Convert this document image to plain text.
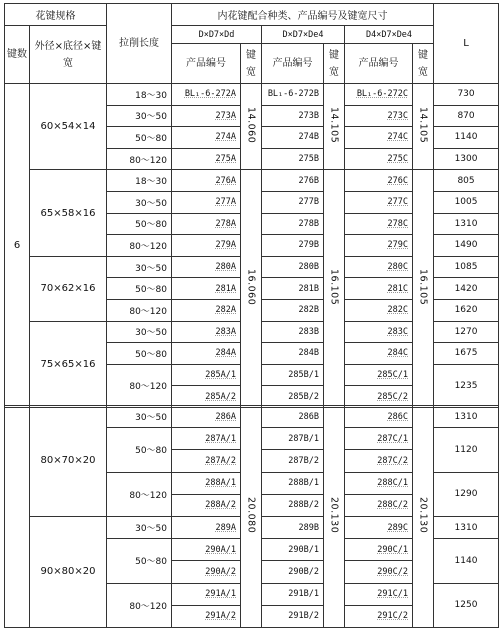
花键规格		拉削长度	内花键配合种类、产品编号及键宽尺寸						L
键数	外径×底径×键宽		D×D7×Dd		D×D7×De4		D4×D7×De4		
			产品编号	键宽	产品编号	键宽	产品编号	键宽	
6	60×54×14	18～30	BL₁-6-272A	14.060	BL₁-6-272B	14.105	BL₁-6-272C	14.105	730
		30～50	273A		273B		273C		870
		50～80	274A		274B		274C		1140
		80～120	275A		275B		275C		1300
	65×58×16	18～30	276A	16.060	276B	16.105	276C	16.105	805
		30～50	277A		277B		277C		1005
		50～80	278A		278B		278C		1310
		80～120	279A		279B		279C		1490
	70×62×16	30～50	280A		280B		280C		1085
		50～80	281A		281B		281C		1420
		80～120	282A		282B		282C		1620
	75×65×16	30～50	283A		283B		283C		1270
		50～80	284A		284B		284C		1675
		80～120	285A/1		285B/1		285C/1		1235
			285A/2		285B/2		285C/2		
	80×70×20	30～50	286A	20.080	286B	20.130	286C	20.130	1310
		50～80	287A/1		287B/1		287C/1		1120
			287A/2		287B/2		287C/2		
		80～120	288A/1		288B/1		288C/1		1290
			288A/2		288B/2		288C/2		
	90×80×20	30～50	289A		289B		289C		1310
		50～80	290A/1		290B/1		290C/1		1140
			290A/2		290B/2		290C/2		
		80～120	291A/1		291B/1		291C/1		1250
			291A/2		291B/2		291C/2		
